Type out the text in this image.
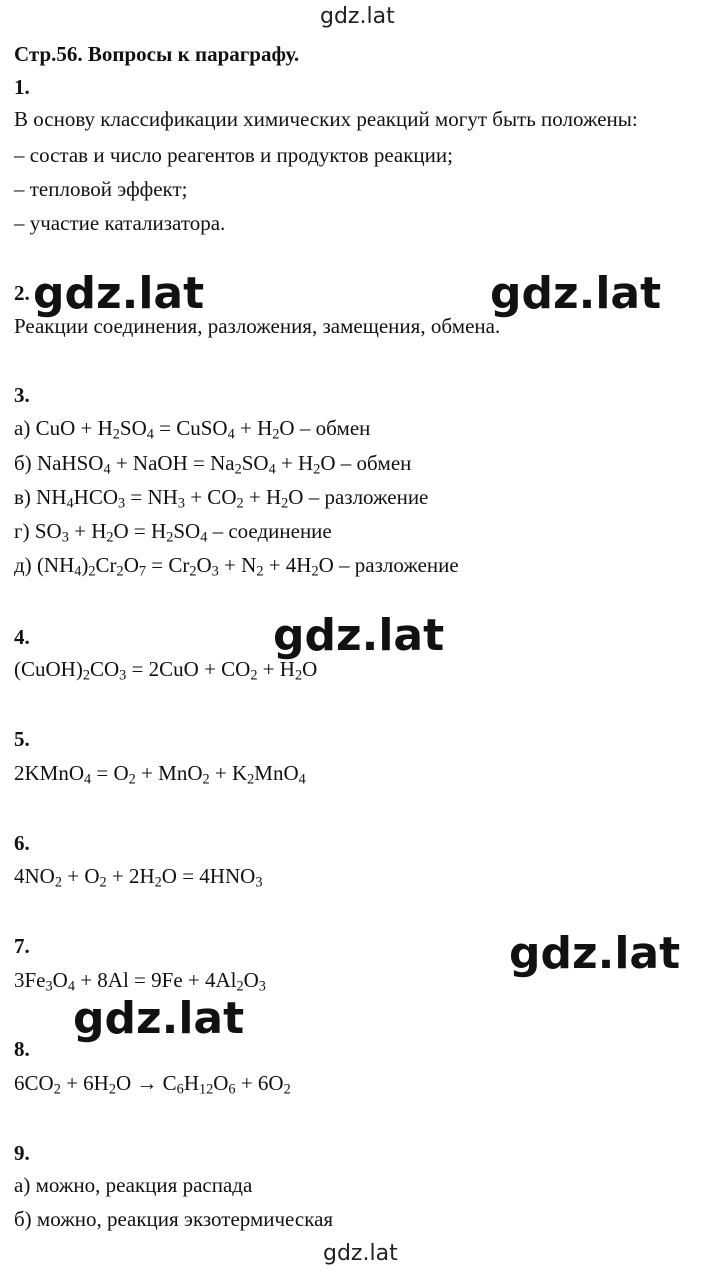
gdz.lat
gdz.lat
Стр.56. Вопросы к параграфу.
1.
В основу классификации химических реакций могут быть положены:
– состав и число реагентов и продуктов реакции;
– тепловой эффект;
– участие катализатора.
2.
Реакции соединения, разложения, замещения, обмена.
3.
а) CuO + $H_2SO_4$ = CuSO$_4$ + $H_2O$ – обмен
б) NaHSO$_4$ + NaOH = $Na_2SO_4 + H_2O$ – обмен
в) $NH_4HCO_3 = NH_3 + CO_2 + H_2O$ – разложение
г) $SO_3 + H_2O = H_2SO_4$ – соединение
д) $(NH_4)_2Cr_2O_7 = Cr_2O_3 + N_2 + 4H_2O$ – разложение
4.
$(CuOH)_2CO_3 = 2CuO + CO_2 + H_2O$
5.
2KMnO$_4$ = $O_2 + MnO_2 + K_2MnO_4$
6.
$4NO_2 + O_2 + 2H_2O = 4HNO_3$
7.
$3Fe_3O_4 + 8Al = 9Fe + 4Al_2O_3$
8.
$6CO_2 + 6H_2O \to C_6H_{12}O_6 + 6O_2$
9.
а) можно, реакция распада
б) можно, реакция экзотермическая
gdz.lat	gdz.lat
gdz.lat
gdz.lat
gdz.lat
